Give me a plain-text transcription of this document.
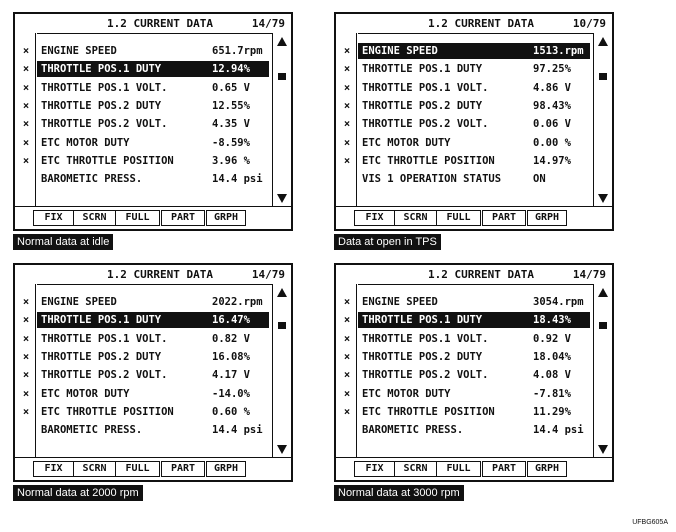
1.2 CURRENT DATA	14/79
× ENGINE SPEED	651.7rpm
× THROTTLE POS.1 DUTY	12.94%
× THROTTLE POS.1 VOLT.	0.65 V
× THROTTLE POS.2 DUTY	12.55%
× THROTTLE POS.2 VOLT.	4.35 V
× ETC MOTOR DUTY	-8.59%
× ETC THROTTLE POSITION	3.96 %
BAROMETIC PRESS.	14.4 psi
FIX	SCRN	FULL	PART	GRPH
Normal data at idle
1.2 CURRENT DATA	10/79
× ENGINE SPEED	1513.rpm
× THROTTLE POS.1 DUTY	97.25%
× THROTTLE POS.1 VOLT.	4.86 V
× THROTTLE POS.2 DUTY	98.43%
× THROTTLE POS.2 VOLT.	0.06 V
× ETC MOTOR DUTY	0.00 %
× ETC THROTTLE POSITION	14.97%
VIS 1 OPERATION STATUS	ON
FIX	SCRN	FULL	PART	GRPH
Data at open in TPS
1.2 CURRENT DATA	14/79
× ENGINE SPEED	2022.rpm
× THROTTLE POS.1 DUTY	16.47%
× THROTTLE POS.1 VOLT.	0.82 V
× THROTTLE POS.2 DUTY	16.08%
× THROTTLE POS.2 VOLT.	4.17 V
× ETC MOTOR DUTY	-14.0%
× ETC THROTTLE POSITION	0.60 %
BAROMETIC PRESS.	14.4 psi
FIX	SCRN	FULL	PART	GRPH
Normal data at 2000 rpm
1.2 CURRENT DATA	14/79
× ENGINE SPEED	3054.rpm
× THROTTLE POS.1 DUTY	18.43%
× THROTTLE POS.1 VOLT.	0.92 V
× THROTTLE POS.2 DUTY	18.04%
× THROTTLE POS.2 VOLT.	4.08 V
× ETC MOTOR DUTY	-7.81%
× ETC THROTTLE POSITION	11.29%
BAROMETIC PRESS.	14.4 psi
FIX	SCRN	FULL	PART	GRPH
Normal data at 3000 rpm
UFBG605A
